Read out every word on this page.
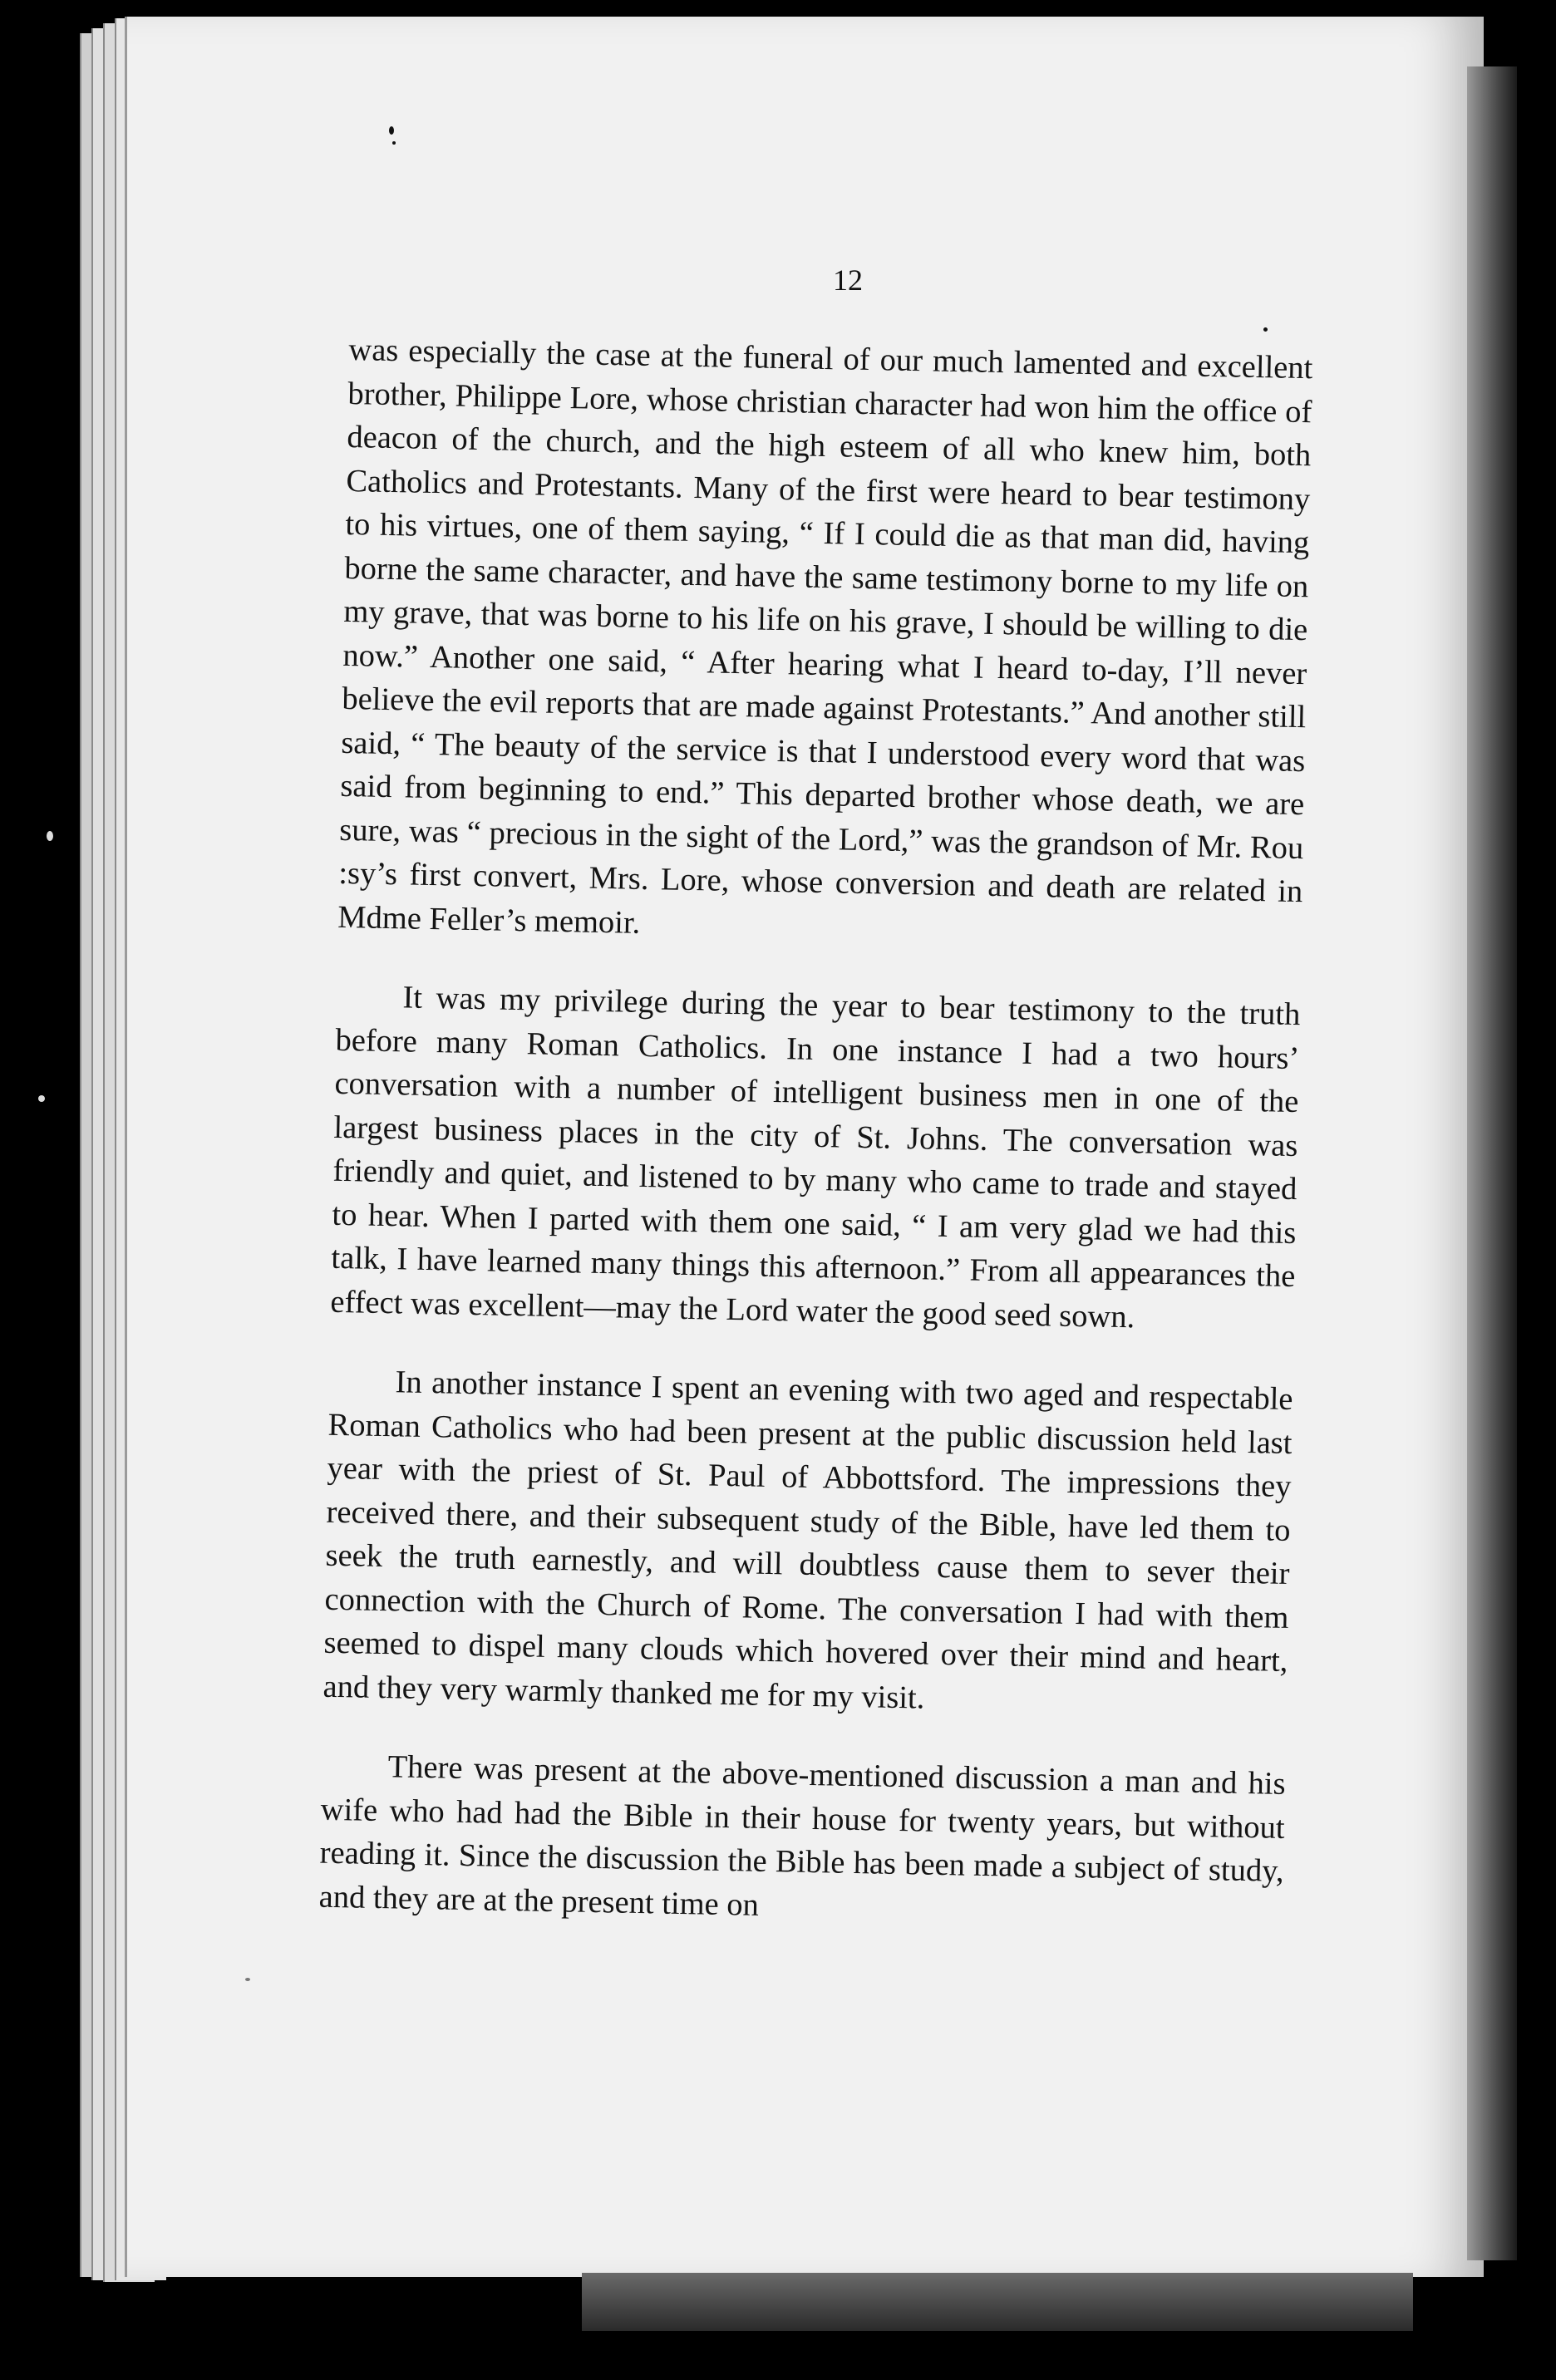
12

was especially the case at the funeral of our much lamented and excellent brother, Philippe Lore, whose christian character had won him the office of deacon of the church, and the high esteem of all who knew him, both Catholics and Protestants. Many of the first were heard to bear testimony to his virtues, one of them saying, “ If I could die as that man did, having borne the same character, and have the same testimony borne to my life on my grave, that was borne to his life on his grave, I should be willing to die now.” Another one said, “ After hearing what I heard to-day, I’ll never believe the evil reports that are made against Protestants.” And another still said, “ The beauty of the service is that I understood every word that was said from beginning to end.” This departed brother whose death, we are sure, was “ precious in the sight of the Lord,” was the grandson of Mr. Rou :sy’s first convert, Mrs. Lore, whose conversion and death are related in Mdme Feller’s memoir.

It was my privilege during the year to bear testimony to the truth before many Roman Catholics. In one instance I had a two hours’ conversation with a number of intelligent business men in one of the largest business places in the city of St. Johns. The conversation was friendly and quiet, and listened to by many who came to trade and stayed to hear. When I parted with them one said, “ I am very glad we had this talk, I have learned many things this afternoon.” From all appearances the effect was excellent—may the Lord water the good seed sown.

In another instance I spent an evening with two aged and respectable Roman Catholics who had been present at the public discussion held last year with the priest of St. Paul of Abbottsford. The impressions they received there, and their subsequent study of the Bible, have led them to seek the truth earnestly, and will doubtless cause them to sever their connection with the Church of Rome. The conversation I had with them seemed to dispel many clouds which hovered over their mind and heart, and they very warmly thanked me for my visit.

There was present at the above-mentioned discussion a man and his wife who had had the Bible in their house for twenty years, but without reading it. Since the discussion the Bible has been made a subject of study, and they are at the present time on
